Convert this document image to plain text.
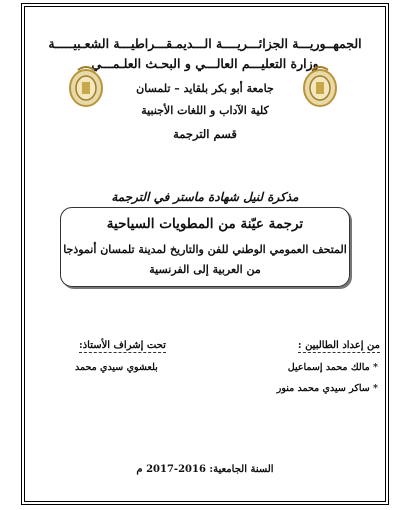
الجمهــوريـــة الجزائـــريــــة الـــديمـقـــراطيـــة الشعـبيـــــة
وزارة التعليـــم العالـــي و البحـث العلـمـــي
جامعة أبو بكر بلقايد – تلمسان
كلية الآداب و اللغات الأجنبية
قسم الترجمة
مذكرة لنيل شهادة ماستر في الترجمة
ترجمة عيّنة من المطويات السياحية
المتحف العمومي الوطني للفن والتاريخ لمدينة تلمسان أنموذجا
من العربية إلى الفرنسية
من إعداد الطالبين :
تحت إشراف الأستاذ:
* مالك محمد إسماعيل
* ساكر سيدي محمد منور
بلعشوي سيدي محمد
السنة الجامعية: 2016-2017 م
